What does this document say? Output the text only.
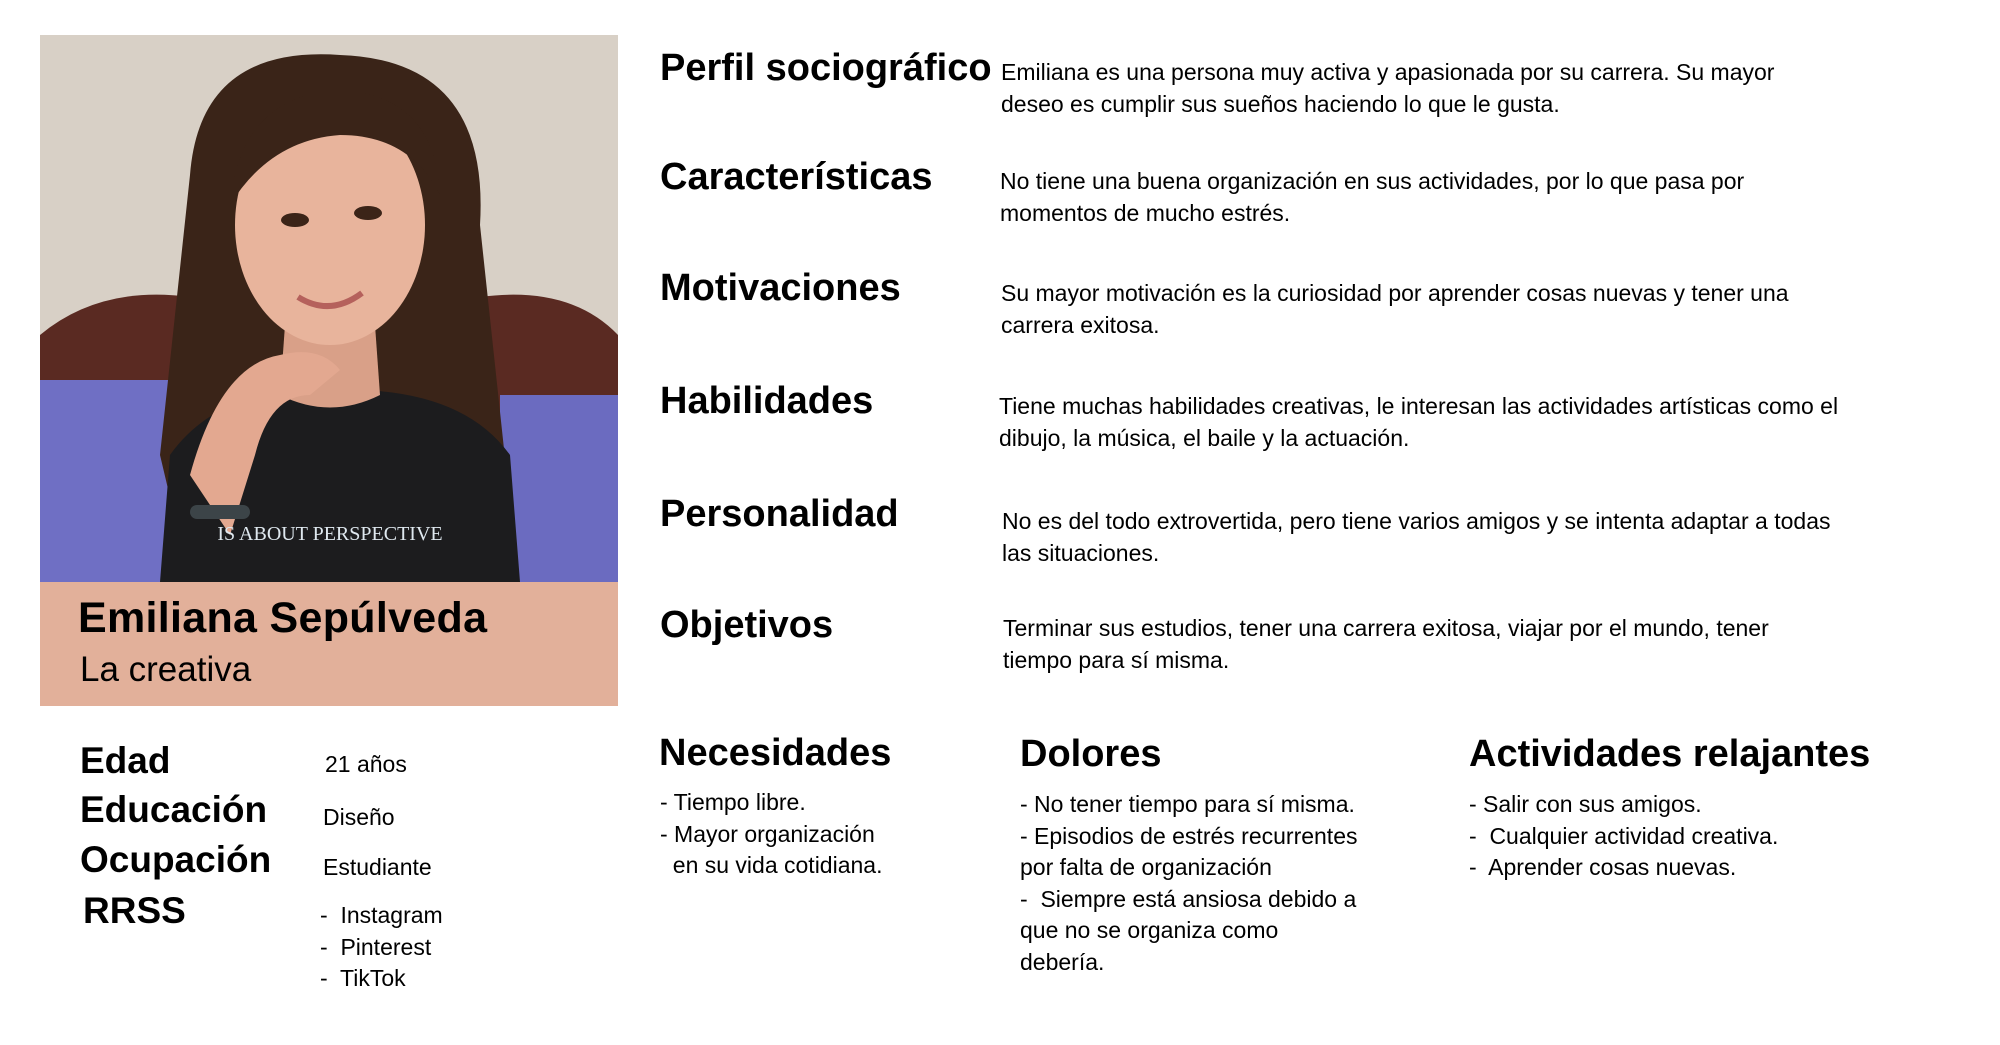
IS ABOUT PERSPECTIVE
Emiliana Sepúlveda
La creativa
Perfil sociográfico Emiliana es una persona muy activa y apasionada por su carrera. Su mayor deseo es cumplir sus sueños haciendo lo que le gusta.
Características	No tiene una buena organización en sus actividades, por lo que pasa por momentos de mucho estrés.
Motivaciones	Su mayor motivación es la curiosidad por aprender cosas nuevas y tener una carrera exitosa.
Habilidades	Tiene muchas habilidades creativas, le interesan las actividades artísticas como el dibujo, la música, el baile y la actuación.
Personalidad	No es del todo extrovertida, pero tiene varios amigos y se intenta adaptar a todas las situaciones.
Objetivos	Terminar sus estudios, tener una carrera exitosa, viajar por el mundo, tener tiempo para sí misma.
Edad	21 años
Educación Diseño
Ocupación Estudiante
RRSS	-  Instagram
-  Pinterest
-  TikTok
Necesidades
- Tiempo libre.
- Mayor organización
en su vida cotidiana.
Dolores
- No tener tiempo para sí misma.
- Episodios de estrés recurrentes
por falta de organización
-  Siempre está ansiosa debido a
que no se organiza como
debería.
Actividades relajantes
- Salir con sus amigos.
-  Cualquier actividad creativa.
-  Aprender cosas nuevas.
